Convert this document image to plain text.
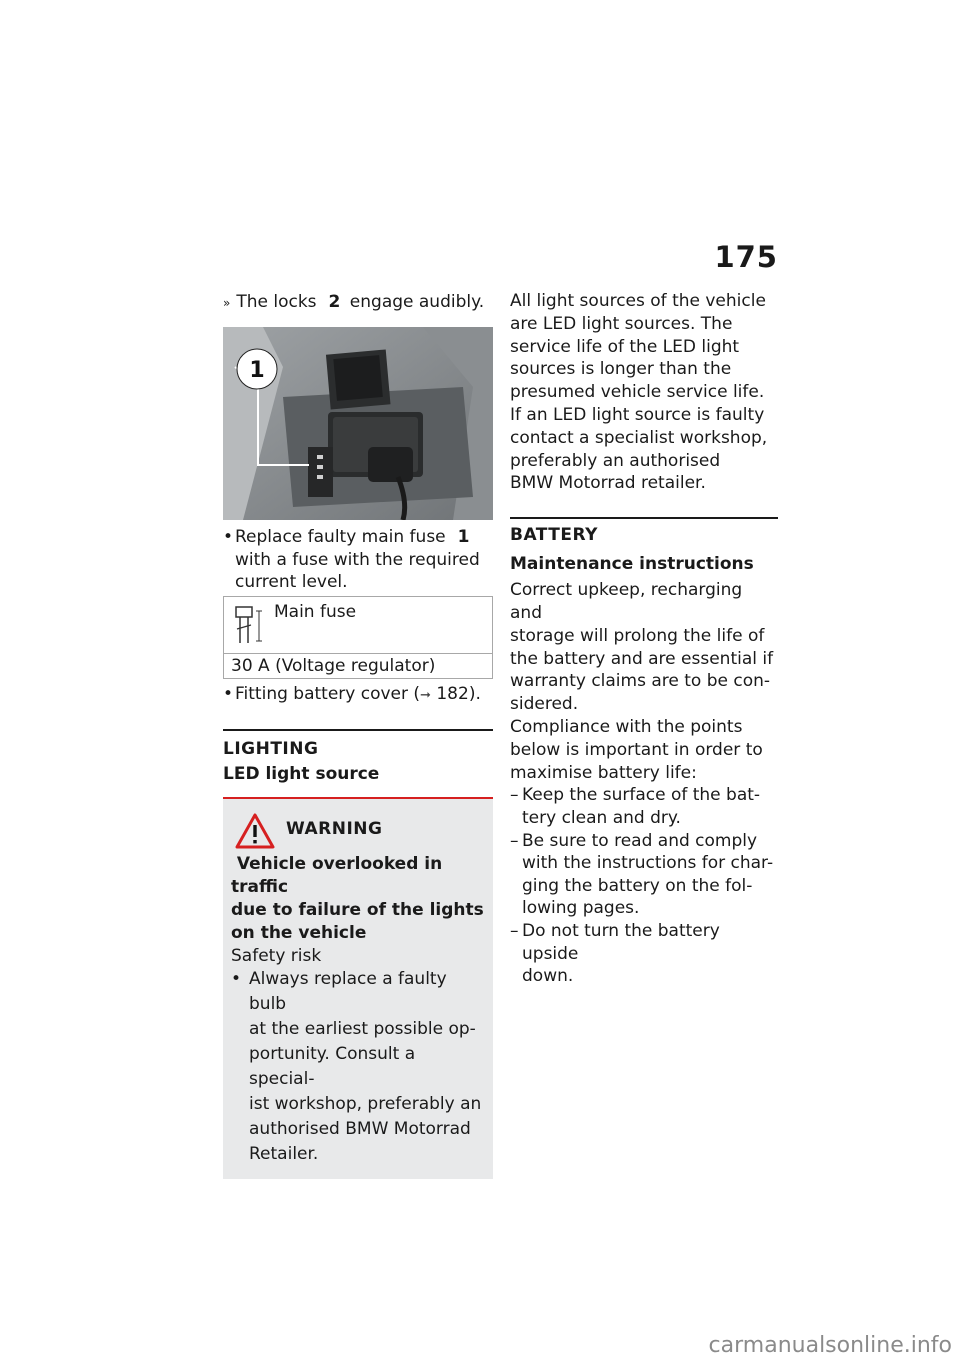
175

» The locks 2 engage audibly.

1
• Replace faulty main fuse 1
with a fuse with the required
current level.
Main fuse
30 A (Voltage regulator)
• Fitting battery cover (➞ 182).

LIGHTING

LED light source

WARNING

Vehicle overlooked in traffic
due to failure of the lights
on the vehicle

Safety risk

• Always replace a faulty bulb
at the earliest possible op-
portunity. Consult a special-
ist workshop, preferably an
authorised BMW Motorrad
Retailer.

All light sources of the vehicle
are LED light sources. The
service life of the LED light
sources is longer than the
presumed vehicle service life.
If an LED light source is faulty
contact a specialist workshop,
preferably an authorised
BMW Motorrad retailer.

BATTERY

Maintenance instructions

Correct upkeep, recharging and
storage will prolong the life of
the battery and are essential if
warranty claims are to be con-
sidered.

Compliance with the points
below is important in order to
maximise battery life:

– Keep the surface of the bat-
tery clean and dry.
– Be sure to read and comply
with the instructions for char-
ging the battery on the fol-
lowing pages.
– Do not turn the battery upside
down.
carmanualsonline.info
